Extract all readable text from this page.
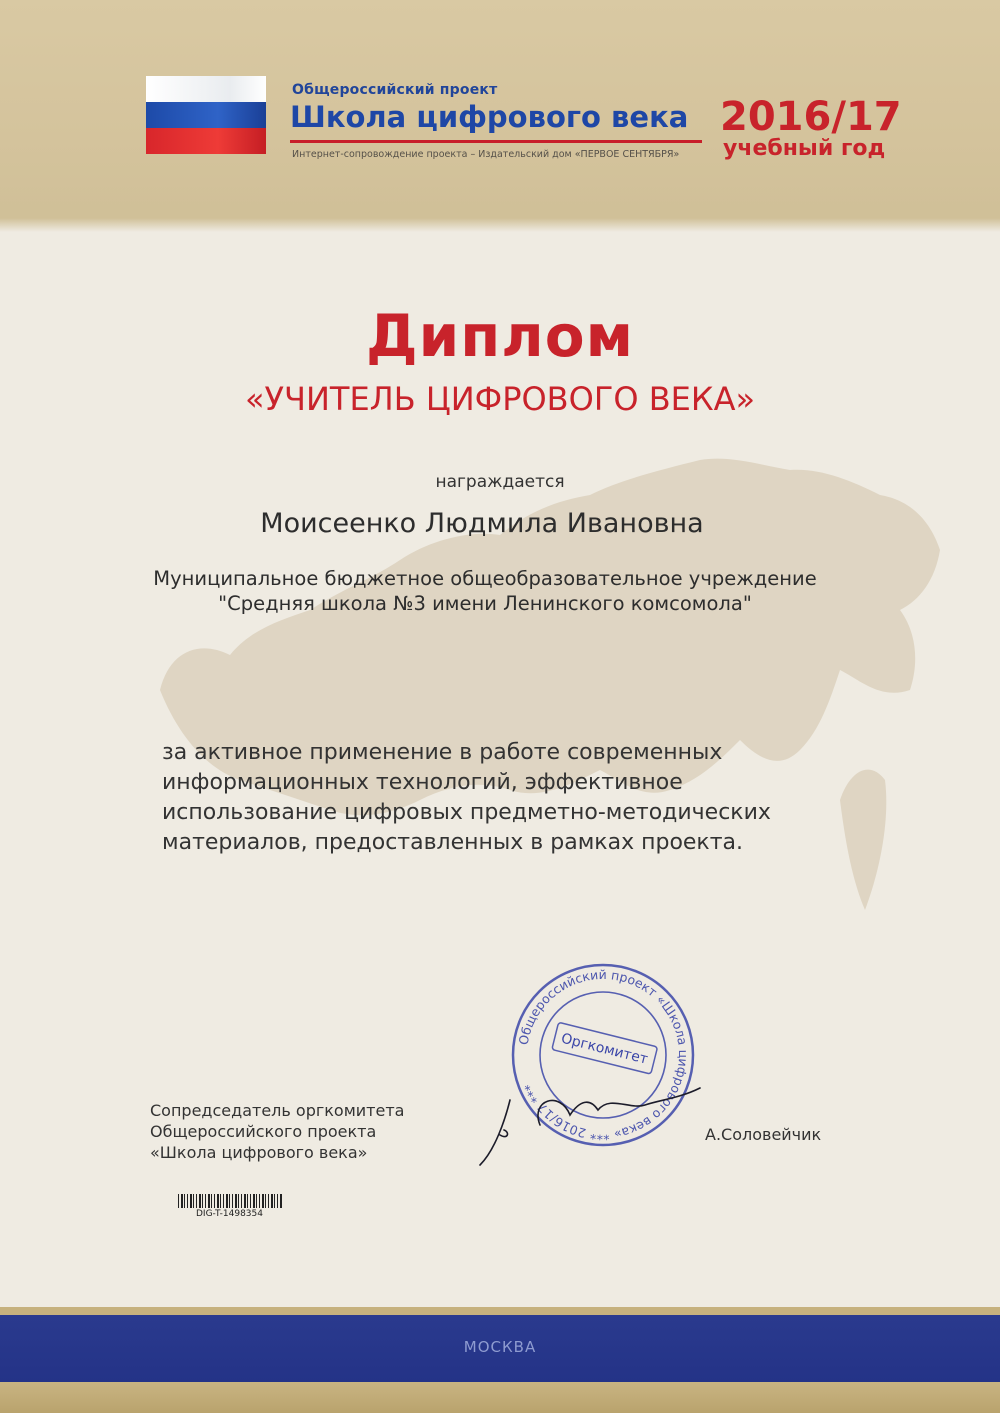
Общероссийский проект
Школа цифрового века
Интернет-сопровождение проекта – Издательский дом «ПЕРВОЕ СЕНТЯБРЯ»
2016/17
учебный год
Диплом
«УЧИТЕЛЬ ЦИФРОВОГО ВЕКА»
награждается
Моисеенко Людмила Ивановна
Муниципальное бюджетное общеобразовательное учреждение
"Средняя школа №3 имени Ленинского комсомола"
за активное применение в работе современных
информационных технологий, эффективное
использование цифровых предметно-методических
материалов, предоставленных в рамках проекта.
Сопредседатель оргкомитета
Общероссийского проекта
«Школа цифрового века»
Общероссийский проект «Школа цифрового века» *** 2016/17 ***
Оргкомитет
А.Соловейчик
DIG-T-1498354
МОСКВА
